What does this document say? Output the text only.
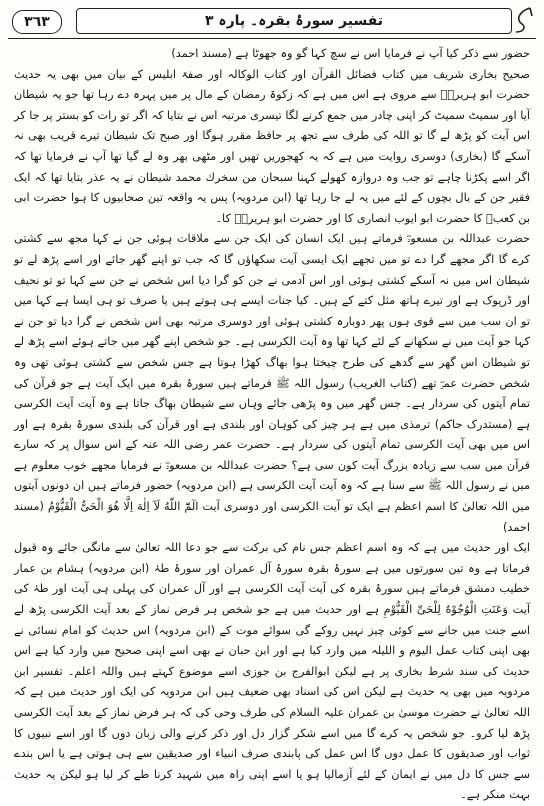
٣٦٣	تفسیر سورۂ بقرہ۔ پارہ ٣

حضور سے ذکر کیا آپ نے فرمایا اس نے سچ کہا گو وہ جھوٹا ہے (مسند احمد)

صحیح بخاری شریف میں کتاب فضائل القرآن اور کتاب الوکالہ اور صفۃ ابلیس کے بیان میں بھی یہ حدیث حضرت ابو ہریرہؓ سے مروی ہے اس میں ہے کہ زکوۃ رمضان کے مال پر میں پہرہ دے رہا تھا جو یہ شیطان آیا اور سمیٹ سمیٹ کر اپنی چادر میں جمع کرنے لگا تیسری مرتبہ اس نے بتایا کہ اگر تو رات کو بستر پر جا کر اس آیت کو پڑھ لے گا تو اللہ کی طرف سے تجھ پر حافظ مقرر ہوگا اور صبح تک شیطان تیرے قریب بھی نہ آسکے گا (بخاری) دوسری روایت میں ہے کہ یہ کھجوریں تھیں اور مٹھی بھر وہ لے گیا تھا آپ نے فرمایا تھا کہ اگر اسے پکڑنا چاہے تو جب وہ دروازہ کھولے کہنا سبحان من سخرك محمد شیطان نے یہ عذر بتایا تھا کہ ایک فقیر جن کے بال بچوں کے لئے میں یہ لے جا رہا تھا (ابن مردویہ) پس یہ واقعہ تین صحابیوں کا ہوا حضرت ابی بن کعبؓ کا حضرت ابو ایوب انصاری کا اور حضرت ابو ہریرہؓ کا۔

حضرت عبداللہ بن مسعودؓ فرماتے ہیں ایک انسان کی ایک جن سے ملاقات ہوئی جن نے کہا مجھ سے کشتی کرے گا اگر مجھے گرا دے تو میں تجھے ایک ایسی آیت سکھاؤں گا کہ جب تو اپنے گھر جائے اور اسے پڑھ لے تو شیطان اس میں نہ آسکے کشتی ہوئی اور اس آدمی نے جن کو گرا دیا اس شخص نے جن سے کہا تو تو نحیف اور ڈرپوک ہے اور تیرے ہاتھ مثل کتے کے ہیں۔ کیا جنات ایسے ہی ہوتے ہیں یا صرف تو ہی ایسا ہے کہا میں تو ان سب میں سے قوی ہوں پھر دوبارہ کشتی ہوئی اور دوسری مرتبہ بھی اس شخص نے گرا دیا تو جن نے کہا جو آیت میں نے سکھانے کے لئے کہا تھا وہ آیت الکرسی ہے۔ جو شخص اپنے گھر میں جاتے ہوئے اسے پڑھ لے تو شیطان اس گھر سے گدھے کی طرح چیختا ہوا بھاگ کھڑا ہوتا ہے جس شخص سے کشتی ہوئی تھی وہ شخص حضرت عمرؓ تھے (کتاب الغریب) رسول اللہ ﷺ فرماتے ہیں سورۂ بقرہ میں ایک آیت ہے جو قرآن کی تمام آیتوں کی سردار ہے۔ جس گھر میں وہ پڑھی جائے وہاں سے شیطان بھاگ جاتا ہے وہ آیت آیت الکرسی ہے (مستدرک حاکم) ترمذی میں ہے ہر چیز کی کوہان اور بلندی ہے اور قرآن کی بلندی سورۂ بقرہ ہے اور اس میں بھی آیت الکرسی تمام آیتوں کی سردار ہے۔ حضرت عمر رضی اللہ عنہ کے اس سوال پر کہ سارے قرآن میں سب سے زیادہ بزرگ آیت کون سی ہے؟ حضرت عبداللہ بن مسعودؓ نے فرمایا مجھے خوب معلوم ہے میں نے رسول اللہ ﷺ سے سنا ہے کہ وہ آیت آیت الکرسی ہے (ابن مردویہ) حضور فرماتے ہیں ان دونوں آیتوں میں اللہ تعالیٰ کا اسم اعظم ہے ایک تو آیت الکرسی اور دوسری آیت الٓمّٓ اللّٰهُ لَآ اِلٰهَ اِلَّا هُوَ الْحَیُّ الْقَیُّوْمُ (مسند احمد)

ایک اور حدیث میں ہے کہ وہ اسم اعظم جس نام کی برکت سے جو دعا اللہ تعالیٰ سے مانگی جائے وہ قبول فرماتا ہے وہ تین سورتوں میں ہے سورۂ بقرہ سورۂ آل عمران اور سورۂ طہٰ (ابن مردویہ) ہشام بن عمار خطیب دمشق فرماتے ہیں سورۂ بقرہ کی آیت آیت الکرسی ہے اور آل عمران کی پہلی ہی آیت اور طہٰ کی آیت وَعَنَتِ الْوُجُوْهُ لِلْحَیِّ الْقَیُّوْمِ ہے اور حدیث میں ہے جو شخص ہر فرض نماز کے بعد آیت الکرسی پڑھ لے اسے جنت میں جانے سے کوئی چیز نہیں روکے گی سوائے موت کے (ابن مردویہ) اس حدیث کو امام نسائی نے بھی اپنی کتاب عمل الیوم و اللیلہ میں وارد کیا ہے اور ابن حبان نے بھی اسے اپنی صحیح میں وارد کیا ہے اس حدیث کی سند شرط بخاری پر ہے لیکن ابوالفرج بن جوزی اسے موضوع کہتے ہیں واللہ اعلم۔ تفسیر ابن مردویہ میں بھی یہ حدیث ہے لیکن اس کی اسناد بھی ضعیف ہیں ابن مردویہ کی ایک اور حدیث میں ہے کہ اللہ تعالیٰ نے حضرت موسیٰ بن عمران علیہ السلام کی طرف وحی کی کہ ہر فرض نماز کے بعد آیت الکرسی پڑھ لیا کرو۔ جو شخص یہ کرے گا میں اسے شکر گزار دل اور ذکر کرنے والی زبان دوں گا اور اسے نبیوں کا ثواب اور صدیقوں کا عمل دوں گا اس عمل کی پابندی صرف انبیاء اور صدیقین سے ہی ہوتی ہے یا اس بندے سے جس کا دل میں نے ایمان کے لئے آزمالیا ہو یا اسے اپنی راہ میں شہید کرنا طے کر لیا ہو لیکن یہ حدیث بہت منکر ہے۔
